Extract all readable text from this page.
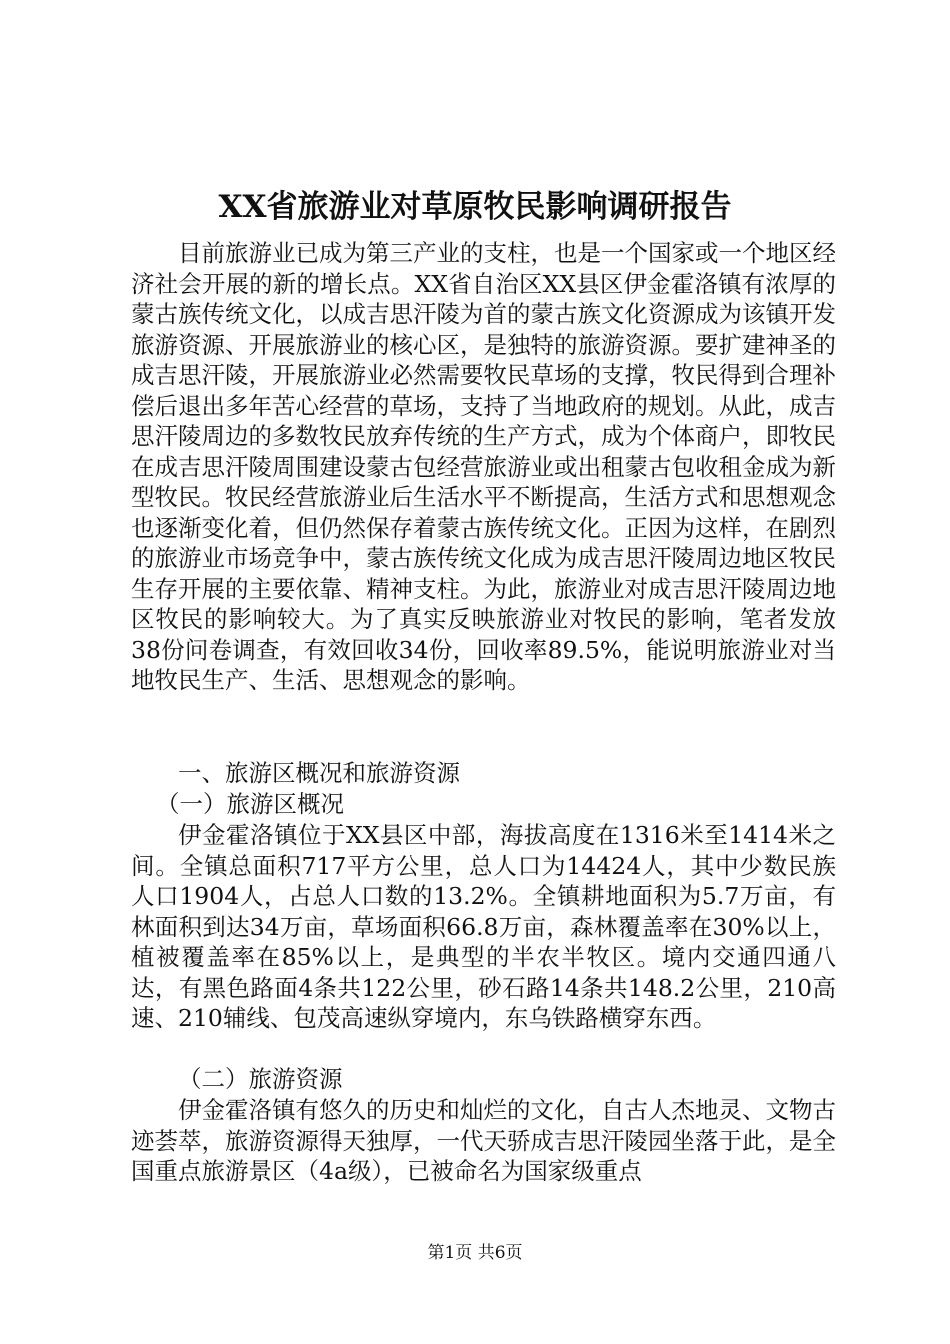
XX省旅游业对草原牧民影响调研报告
目前旅游业已成为第三产业的支柱，也是一个国家或一个地区经济社会开展的新的增长点。XX省自治区XX县区伊金霍洛镇有浓厚的蒙古族传统文化，以成吉思汗陵为首的蒙古族文化资源成为该镇开发旅游资源、开展旅游业的核心区，是独特的旅游资源。要扩建神圣的成吉思汗陵，开展旅游业必然需要牧民草场的支撑，牧民得到合理补偿后退出多年苦心经营的草场，支持了当地政府的规划。从此，成吉思汗陵周边的多数牧民放弃传统的生产方式，成为个体商户，即牧民在成吉思汗陵周围建设蒙古包经营旅游业或出租蒙古包收租金成为新型牧民。牧民经营旅游业后生活水平不断提高，生活方式和思想观念也逐渐变化着，但仍然保存着蒙古族传统文化。正因为这样，在剧烈的旅游业市场竞争中，蒙古族传统文化成为成吉思汗陵周边地区牧民生存开展的主要依靠、精神支柱。为此，旅游业对成吉思汗陵周边地区牧民的影响较大。为了真实反映旅游业对牧民的影响，笔者发放38份问卷调查，有效回收34份，回收率89.5%，能说明旅游业对当地牧民生产、生活、思想观念的影响。
一、旅游区概况和旅游资源
（一）旅游区概况
伊金霍洛镇位于XX县区中部，海拔高度在1316米至1414米之间。全镇总面积717平方公里，总人口为14424人，其中少数民族人口1904人，占总人口数的13.2%。全镇耕地面积为5.7万亩，有林面积到达34万亩，草场面积66.8万亩，森林覆盖率在30%以上，植被覆盖率在85%以上，是典型的半农半牧区。境内交通四通八达，有黑色路面4条共122公里，砂石路14条共148.2公里，210高速、210辅线、包茂高速纵穿境内，东乌铁路横穿东西。
（二）旅游资源
伊金霍洛镇有悠久的历史和灿烂的文化，自古人杰地灵、文物古迹荟萃，旅游资源得天独厚，一代天骄成吉思汗陵园坐落于此，是全国重点旅游景区（4a级），已被命名为国家级重点
第1页 共6页
